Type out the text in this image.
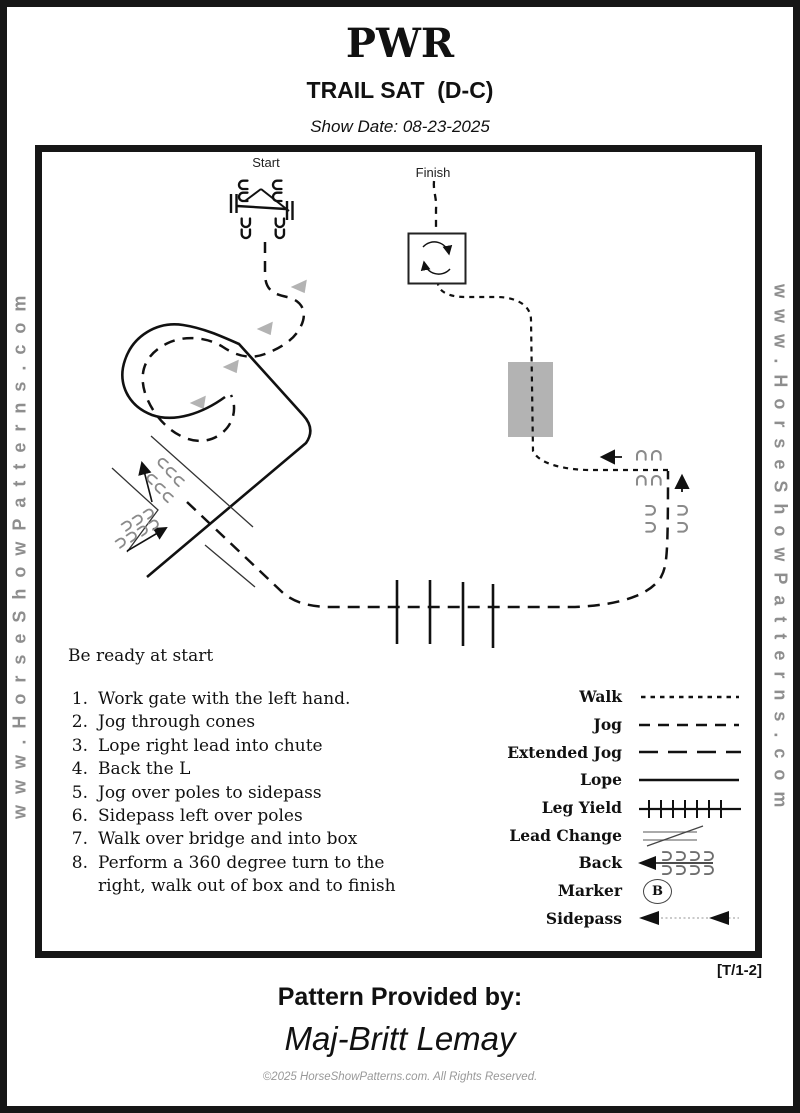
PWR
TRAIL SAT  (D-C)
Show Date: 08-23-2025
www.HorseShowPatterns.com	www.HorseShowPatterns.com
Start
Finish
Be ready at start
1. Work gate with the left hand.
2. Jog through cones
3. Lope right lead into chute
4. Back the L
5. Jog over poles to sidepass
6. Sidepass left over poles
7. Walk over bridge and into box
8. Perform a 360 degree turn to the right, walk out of box and to finish
Walk
Jog
Extended Jog
Lope
Leg Yield
Lead Change
Back
Marker	B
Sidepass
[T/1-2]
Pattern Provided by:
Maj-Britt Lemay
©2025 HorseShowPatterns.com. All Rights Reserved.
